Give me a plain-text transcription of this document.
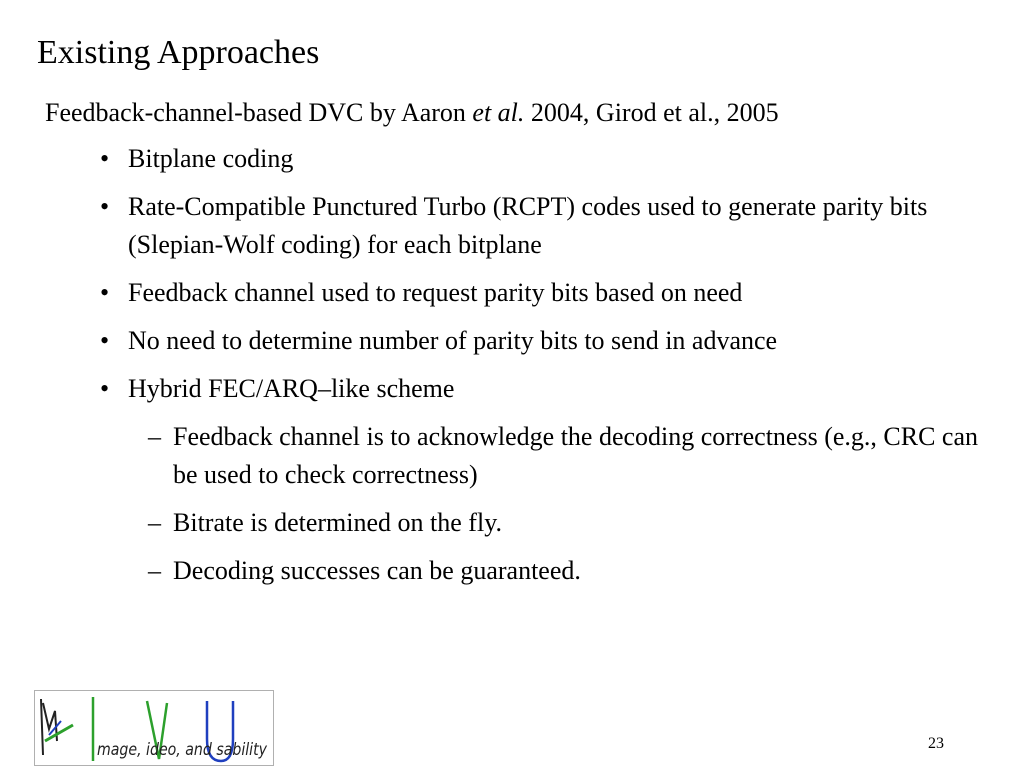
Existing Approaches
Feedback-channel-based DVC by Aaron et al. 2004, Girod et al., 2005
• Bitplane coding
• Rate-Compatible Punctured Turbo (RCPT) codes used to generate parity bits (Slepian-Wolf coding) for each bitplane
• Feedback channel used to request parity bits based on need
• No need to determine number of parity bits to send in advance
• Hybrid FEC/ARQ–like scheme
– Feedback channel is to acknowledge the decoding correctness (e.g., CRC can be used to check correctness)
– Bitrate is determined on the fly.
– Decoding successes can be guaranteed.
mage, ideo, and sability	23
